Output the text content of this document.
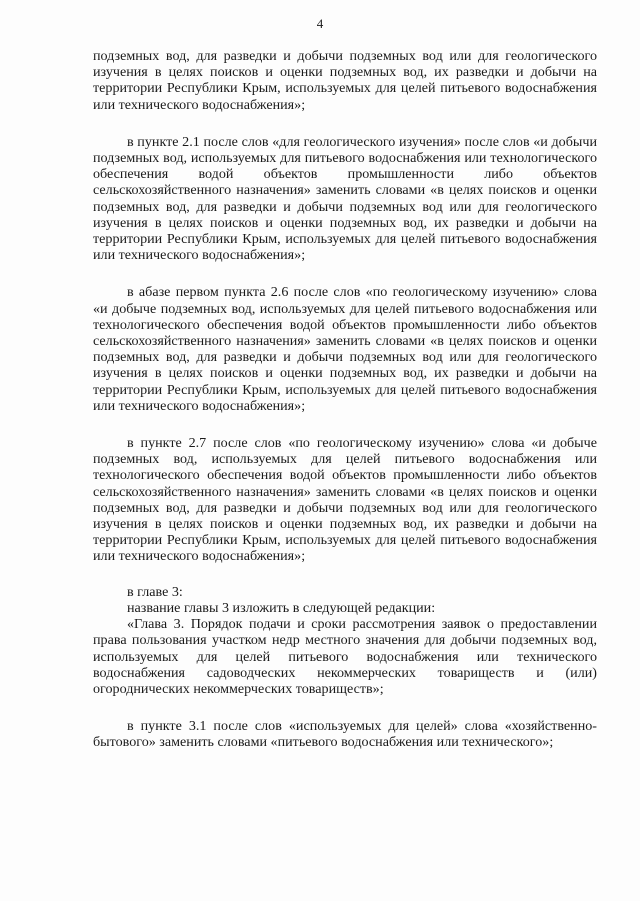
4

подземных вод, для разведки и добычи подземных вод или для геологического изучения в целях поисков и оценки подземных вод, их разведки и добычи на территории Республики Крым, используемых для целей питьевого водоснабжения или технического водоснабжения»;

в пункте 2.1 после слов «для геологического изучения» после слов «и добычи подземных вод, используемых для питьевого водоснабжения или технологического обеспечения водой объектов промышленности либо объектов сельскохозяйственного назначения» заменить словами «в целях поисков и оценки подземных вод, для разведки и добычи подземных вод или для геологического изучения в целях поисков и оценки подземных вод, их разведки и добычи на территории Республики Крым, используемых для целей питьевого водоснабжения или технического водоснабжения»;

в абазе первом пункта 2.6 после слов «по геологическому изучению» слова «и добыче подземных вод, используемых для целей питьевого водоснабжения или технологического обеспечения водой объектов промышленности либо объектов сельскохозяйственного назначения» заменить словами «в целях поисков и оценки подземных вод, для разведки и добычи подземных вод или для геологического изучения в целях поисков и оценки подземных вод, их разведки и добычи на территории Республики Крым, используемых для целей питьевого водоснабжения или технического водоснабжения»;

в пункте 2.7 после слов «по геологическому изучению» слова «и добыче подземных вод, используемых для целей питьевого водоснабжения или технологического обеспечения водой объектов промышленности либо объектов сельскохозяйственного назначения» заменить словами «в целях поисков и оценки подземных вод, для разведки и добычи подземных вод или для геологического изучения в целях поисков и оценки подземных вод, их разведки и добычи на территории Республики Крым, используемых для целей питьевого водоснабжения или технического водоснабжения»;

в главе 3:

название главы 3 изложить в следующей редакции:

«Глава 3. Порядок подачи и сроки рассмотрения заявок о предоставлении права пользования участком недр местного значения для добычи подземных вод, используемых для целей питьевого водоснабжения или технического водоснабжения садоводческих некоммерческих товариществ и (или) огороднических некоммерческих товариществ»;

в пункте 3.1 после слов «используемых для целей» слова «хозяйственно-бытового» заменить словами «питьевого водоснабжения или технического»;
